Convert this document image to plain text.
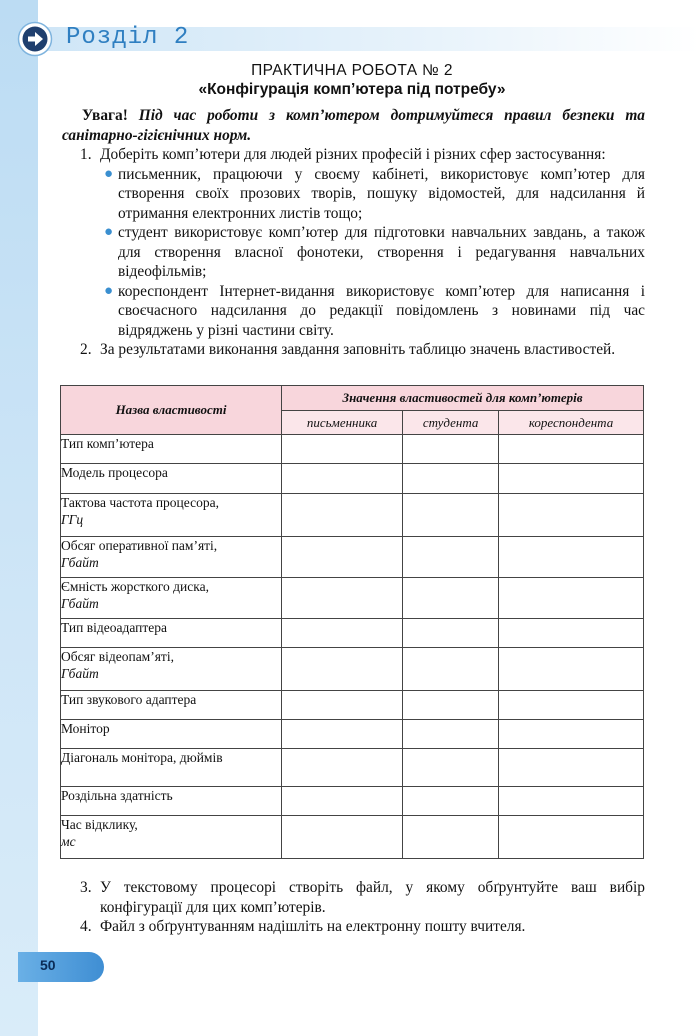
Розділ 2
ПРАКТИЧНА РОБОТА № 2
«Конфігурація комп’ютера під потребу»
Увага! Під час роботи з комп’ютером дотримуйтеся правил безпеки та санітарно-гігієнічних норм.
1. Доберіть комп’ютери для людей різних професій і різних сфер застосування:
● письменник, працюючи у своєму кабінеті, використовує комп’ютер для створення своїх прозових творів, пошуку відомостей, для надсилання й отримання електронних листів тощо;
● студент використовує комп’ютер для підготовки навчальних завдань, а також для створення власної фонотеки, створення і редагування навчальних відеофільмів;
● кореспондент Інтернет-видання використовує комп’ютер для написання і своєчасного надсилання до редакції повідомлень з новинами під час відряджень у різні частини світу.
2. За результатами виконання завдання заповніть таблицю значень властивостей.
Назва властивості	Значення властивостей для комп’ютерів		
	письменника	студента	кореспондента
Тип комп’ютера			
Модель процесора			
Тактова частота процесора,
ГГц			
Обсяг оперативної пам’яті,
Гбайт			
Ємність жорсткого диска,
Гбайт			
Тип відеоадаптера			
Обсяг відеопам’яті,
Гбайт			
Тип звукового адаптера			
Монітор			
Діагональ монітора, дюймів			
Роздільна здатність			
Час відклику,
мс			
3. У текстовому процесорі створіть файл, у якому обґрунтуйте ваш вибір конфігурації для цих комп’ютерів.
4. Файл з обґрунтуванням надішліть на електронну пошту вчителя.
50
